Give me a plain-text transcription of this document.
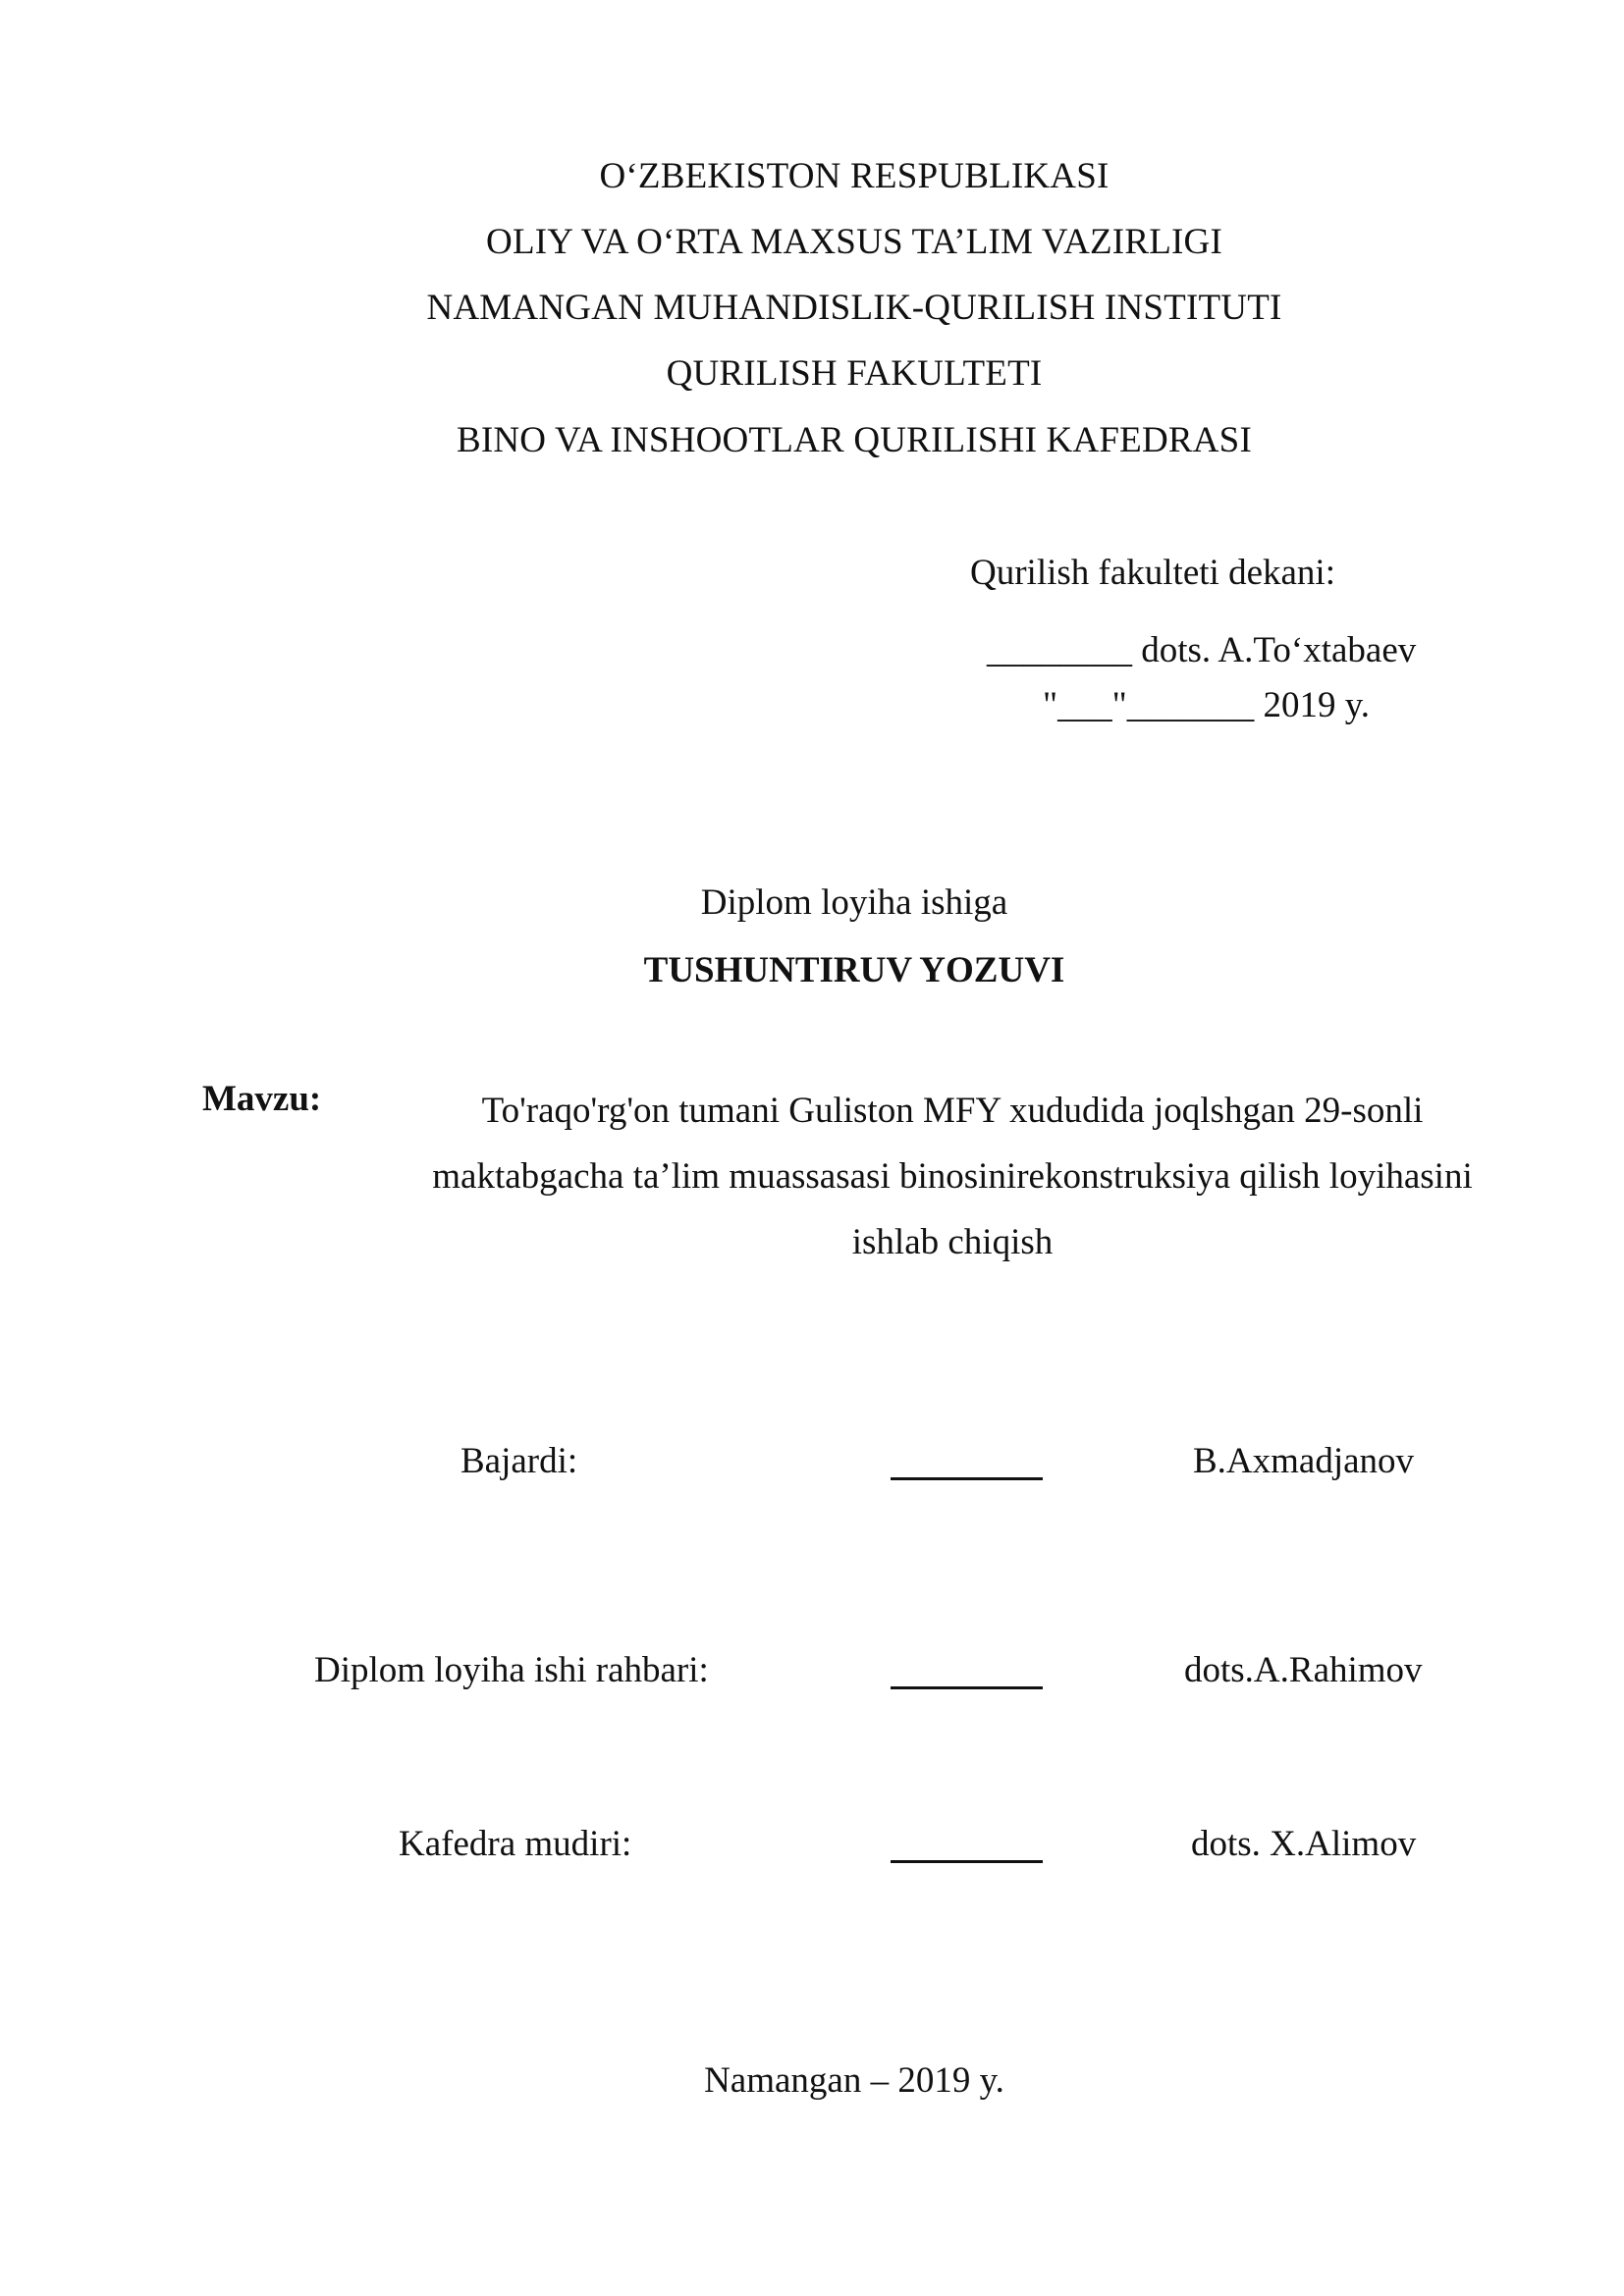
O‘ZBEKISTON RESPUBLIKASI
OLIY VA O‘RTA MAXSUS TA’LIM VAZIRLIGI
NAMANGAN MUHANDISLIK-QURILISH INSTITUTI
QURILISH FAKULTETI
BINO VA INSHOOTLAR QURILISHI KAFEDRASI
Qurilish fakulteti dekani:
________ dots. A.To‘xtabaev
"___"_______ 2019 y.
Diplom loyiha ishiga
TUSHUNTIRUV YOZUVI
Mavzu:	To'raqo'rg'on tumani Guliston MFY xududida joqlshgan 29-sonli
maktabgacha ta’lim muassasasi binosinirekonstruksiya qilish loyihasini
ishlab chiqish
Bajardi:	B.Axmadjanov
Diplom loyiha ishi rahbari:	dots.A.Rahimov
Kafedra mudiri:	dots. X.Alimov
Namangan – 2019 y.
